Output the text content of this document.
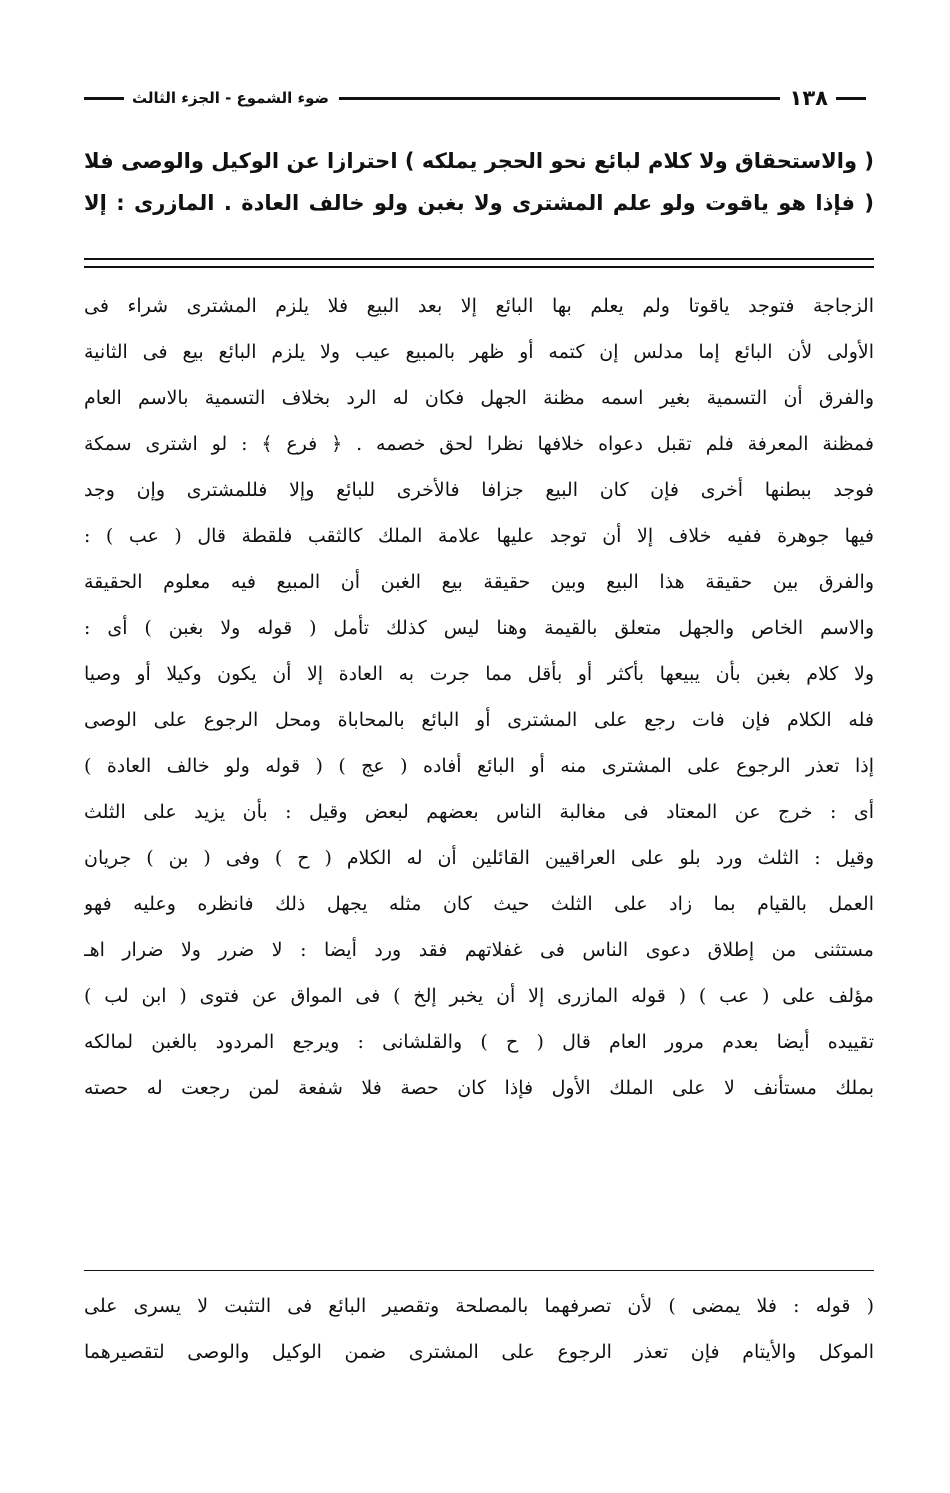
١٣٨
ضوء الشموع - الجزء الثالث
( والاستحقاق ولا كلام لبائع نحو الحجر يملكه ) احترازا عن الوكيل والوصى فلا
( فإذا هو ياقوت ولو علم المشترى ولا بغبن ولو خالف العادة . المازرى : إلا
الزجاجة فتوجد ياقوتا ولم يعلم بها البائع إلا بعد البيع فلا يلزم المشترى شراء فى
الأولى لأن البائع إما مدلس إن كتمه أو ظهر بالمبيع عيب ولا يلزم البائع بيع فى الثانية
والفرق أن التسمية بغير اسمه مظنة الجهل فكان له الرد بخلاف التسمية بالاسم العام
فمظنة المعرفة فلم تقبل دعواه خلافها نظرا لحق خصمه . ﴿ فرع ﴾ : لو اشترى سمكة
فوجد ببطنها أخرى فإن كان البيع جزافا فالأخرى للبائع وإلا فللمشترى وإن وجد
فيها جوهرة ففيه خلاف إلا أن توجد عليها علامة الملك كالثقب فلقطة قال ( عب ) :
والفرق بين حقيقة هذا البيع وبين حقيقة بيع الغبن أن المبيع فيه معلوم الحقيقة
والاسم الخاص والجهل متعلق بالقيمة وهنا ليس كذلك تأمل ( قوله ولا بغبن ) أى :
ولا كلام بغبن بأن يبيعها بأكثر أو بأقل مما جرت به العادة إلا أن يكون وكيلا أو وصيا
فله الكلام فإن فات رجع على المشترى أو البائع بالمحاباة ومحل الرجوع على الوصى
إذا تعذر الرجوع على المشترى منه أو البائع أفاده ( عج ) ( قوله ولو خالف العادة )
أى : خرج عن المعتاد فى مغالبة الناس بعضهم لبعض وقيل : بأن يزيد على الثلث
وقيل : الثلث ورد بلو على العراقيين القائلين أن له الكلام ( ح ) وفى ( بن ) جريان
العمل بالقيام بما زاد على الثلث حيث كان مثله يجهل ذلك فانظره وعليه فهو
مستثنى من إطلاق دعوى الناس فى غفلاتهم فقد ورد أيضا : لا ضرر ولا ضرار اهـ
مؤلف على ( عب ) ( قوله المازرى إلا أن يخبر إلخ ) فى المواق عن فتوى ( ابن لب )
تقييده أيضا بعدم مرور العام قال ( ح ) والقلشانى : ويرجع المردود بالغبن لمالكه
بملك مستأنف لا على الملك الأول فإذا كان حصة فلا شفعة لمن رجعت له حصته
( قوله : فلا يمضى ) لأن تصرفهما بالمصلحة وتقصير البائع فى التثبت لا يسرى على
الموكل والأيتام فإن تعذر الرجوع على المشترى ضمن الوكيل والوصى لتقصيرهما
